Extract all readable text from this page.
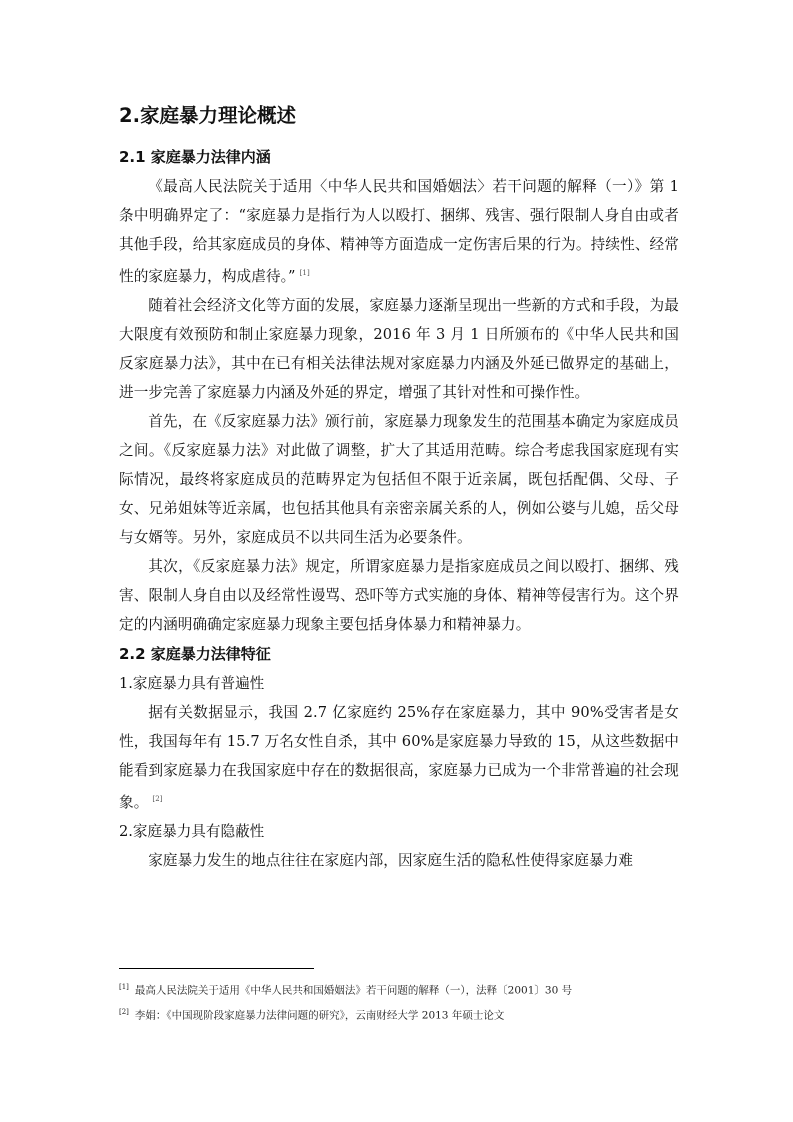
2.家庭暴力理论概述
2.1 家庭暴力法律内涵

《最高人民法院关于适用〈中华人民共和国婚姻法〉若干问题的解释（一）》第 1 条中明确界定了：“家庭暴力是指行为人以殴打、捆绑、残害、强行限制人身自由或者其他手段，给其家庭成员的身体、精神等方面造成一定伤害后果的行为。持续性、经常性的家庭暴力，构成虐待。” [1]

随着社会经济文化等方面的发展，家庭暴力逐渐呈现出一些新的方式和手段，为最大限度有效预防和制止家庭暴力现象，2016 年 3 月 1 日所颁布的《中华人民共和国反家庭暴力法》，其中在已有相关法律法规对家庭暴力内涵及外延已做界定的基础上，进一步完善了家庭暴力内涵及外延的界定，增强了其针对性和可操作性。

首先，在《反家庭暴力法》颁行前，家庭暴力现象发生的范围基本确定为家庭成员之间。《反家庭暴力法》对此做了调整，扩大了其适用范畴。综合考虑我国家庭现有实际情况，最终将家庭成员的范畴界定为包括但不限于近亲属，既包括配偶、父母、子女、兄弟姐妹等近亲属，也包括其他具有亲密亲属关系的人，例如公婆与儿媳，岳父母与女婿等。另外，家庭成员不以共同生活为必要条件。

其次，《反家庭暴力法》规定，所谓家庭暴力是指家庭成员之间以殴打、捆绑、残害、限制人身自由以及经常性谩骂、恐吓等方式实施的身体、精神等侵害行为。这个界定的内涵明确确定家庭暴力现象主要包括身体暴力和精神暴力。

2.2 家庭暴力法律特征

1.家庭暴力具有普遍性

据有关数据显示，我国 2.7 亿家庭约 25%存在家庭暴力，其中 90%受害者是女性，我国每年有 15.7 万名女性自杀，其中 60%是家庭暴力导致的 15，从这些数据中能看到家庭暴力在我国家庭中存在的数据很高，家庭暴力已成为一个非常普遍的社会现象。 [2]

2.家庭暴力具有隐蔽性

家庭暴力发生的地点往往在家庭内部，因家庭生活的隐私性使得家庭暴力难

[1] 最高人民法院关于适用《中华人民共和国婚姻法》若干问题的解释（一），法释〔2001〕30 号
[2] 李娟：《中国现阶段家庭暴力法律问题的研究》，云南财经大学 2013 年硕士论文
